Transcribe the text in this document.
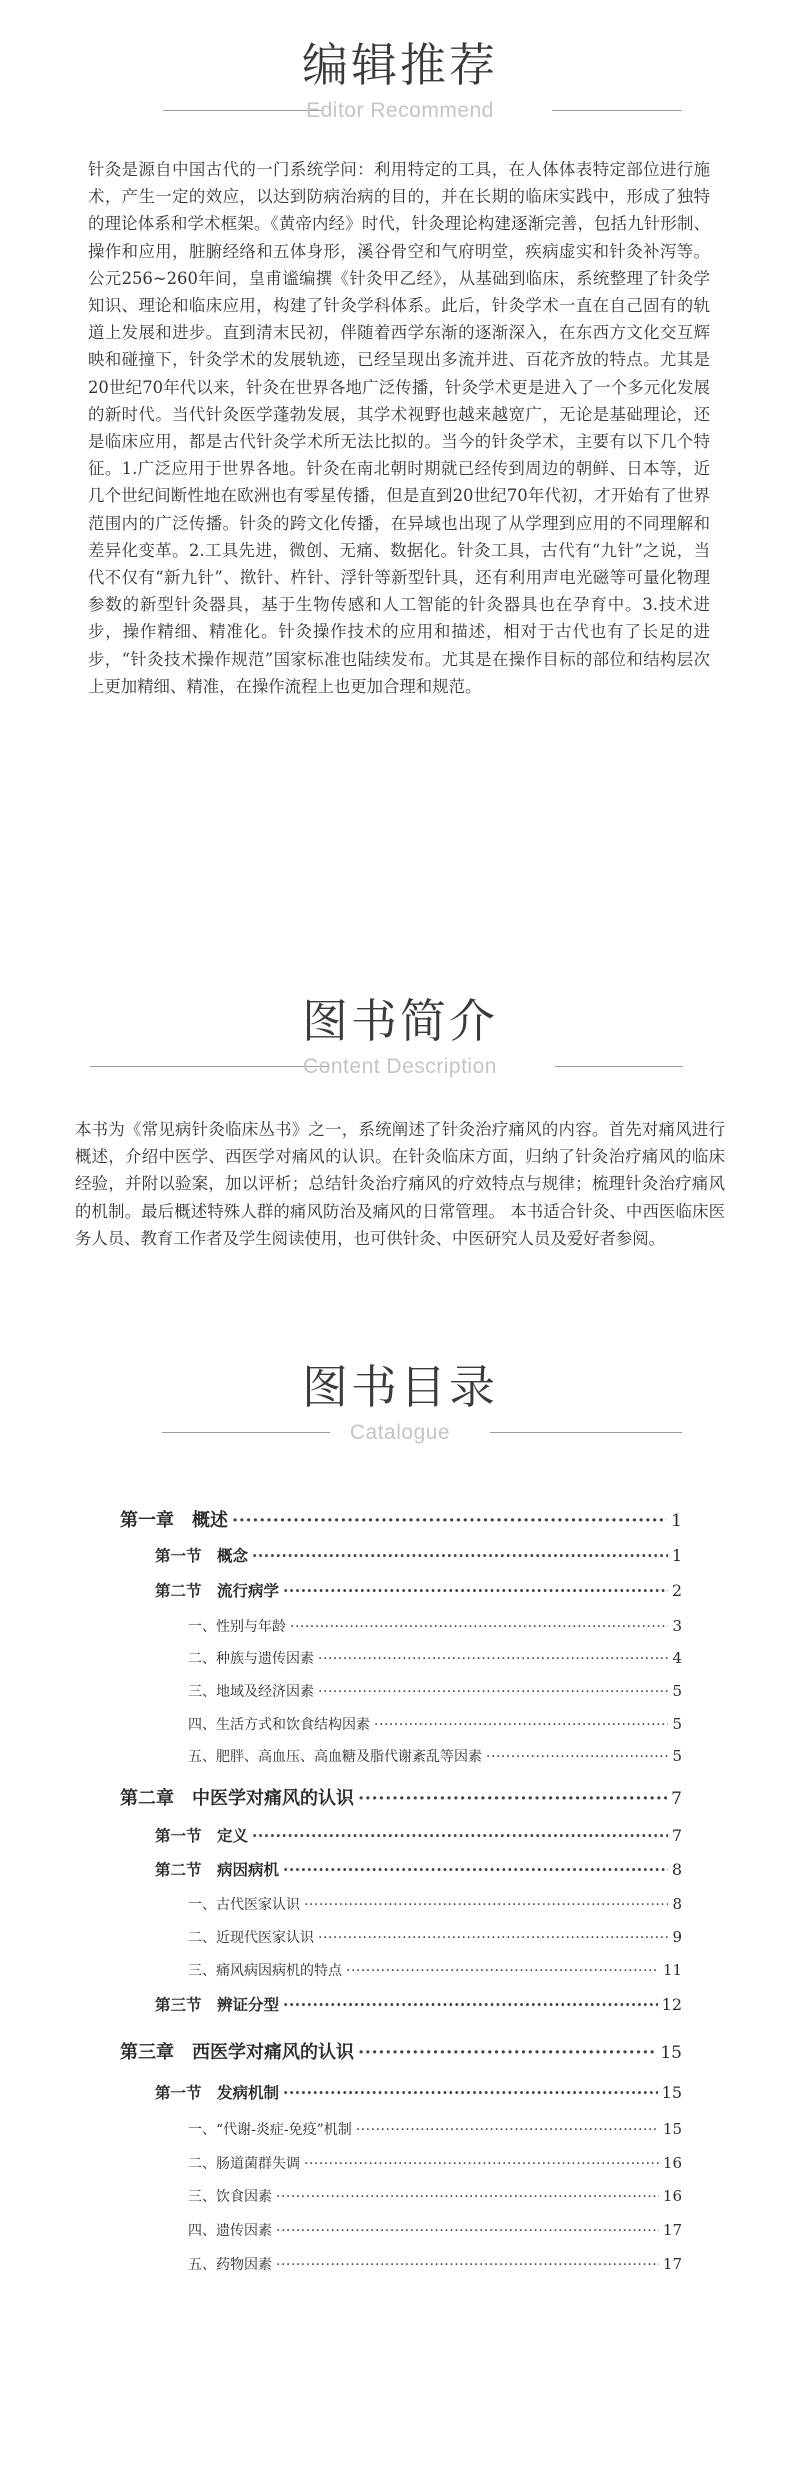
编辑推荐
Editor Recommend
针灸是源自中国古代的一门系统学问：利用特定的工具，在人体体表特定部位进行施术，产生一定的效应，以达到防病治病的目的，并在长期的临床实践中，形成了独特的理论体系和学术框架。《黄帝内经》时代，针灸理论构建逐渐完善，包括九针形制、操作和应用，脏腑经络和五体身形，溪谷骨空和气府明堂，疾病虚实和针灸补泻等。公元256~260年间，皇甫谧编撰《针灸甲乙经》，从基础到临床，系统整理了针灸学知识、理论和临床应用，构建了针灸学科体系。此后，针灸学术一直在自己固有的轨道上发展和进步。直到清末民初，伴随着西学东渐的逐渐深入，在东西方文化交互辉映和碰撞下，针灸学术的发展轨迹，已经呈现出多流并进、百花齐放的特点。尤其是20世纪70年代以来，针灸在世界各地广泛传播，针灸学术更是进入了一个多元化发展的新时代。当代针灸医学蓬勃发展，其学术视野也越来越宽广，无论是基础理论，还是临床应用，都是古代针灸学术所无法比拟的。当今的针灸学术，主要有以下几个特征。1.广泛应用于世界各地。针灸在南北朝时期就已经传到周边的朝鲜、日本等，近几个世纪间断性地在欧洲也有零星传播，但是直到20世纪70年代初，才开始有了世界范围内的广泛传播。针灸的跨文化传播，在异域也出现了从学理到应用的不同理解和差异化变革。2.工具先进，微创、无痛、数据化。针灸工具，古代有“九针”之说，当代不仅有“新九针”、揿针、杵针、浮针等新型针具，还有利用声电光磁等可量化物理参数的新型针灸器具，基于生物传感和人工智能的针灸器具也在孕育中。3.技术进步，操作精细、精准化。针灸操作技术的应用和描述，相对于古代也有了长足的进步，“针灸技术操作规范”国家标准也陆续发布。尤其是在操作目标的部位和结构层次上更加精细、精准，在操作流程上也更加合理和规范。
图书简介
Content Description
本书为《常见病针灸临床丛书》之一，系统阐述了针灸治疗痛风的内容。首先对痛风进行概述，介绍中医学、西医学对痛风的认识。在针灸临床方面，归纳了针灸治疗痛风的临床经验，并附以验案，加以评析；总结针灸治疗痛风的疗效特点与规律；梳理针灸治疗痛风的机制。最后概述特殊人群的痛风防治及痛风的日常管理。 本书适合针灸、中西医临床医务人员、教育工作者及学生阅读使用，也可供针灸、中医研究人员及爱好者参阅。
图书目录
Catalogue
第一章　概述 ·····	1
第一节　概念 ·····	1
第二节　流行病学 ·····	2
一、性别与年龄 ·····	3
二、种族与遗传因素 ·····	4
三、地域及经济因素 ·····	5
四、生活方式和饮食结构因素 ·····	5
五、肥胖、高血压、高血糖及脂代谢紊乱等因素 ·····	5
第二章　中医学对痛风的认识 ·····	7
第一节　定义 ·····	7
第二节　病因病机 ·····	8
一、古代医家认识 ·····	8
二、近现代医家认识 ·····	9
三、痛风病因病机的特点 ·····	11
第三节　辨证分型 ·····	12
第三章　西医学对痛风的认识 ·····	15
第一节　发病机制 ·····	15
一、“代谢-炎症-免疫”机制 ·····	15
二、肠道菌群失调 ·····	16
三、饮食因素 ·····	16
四、遗传因素 ·····	17
五、药物因素 ·····	17
